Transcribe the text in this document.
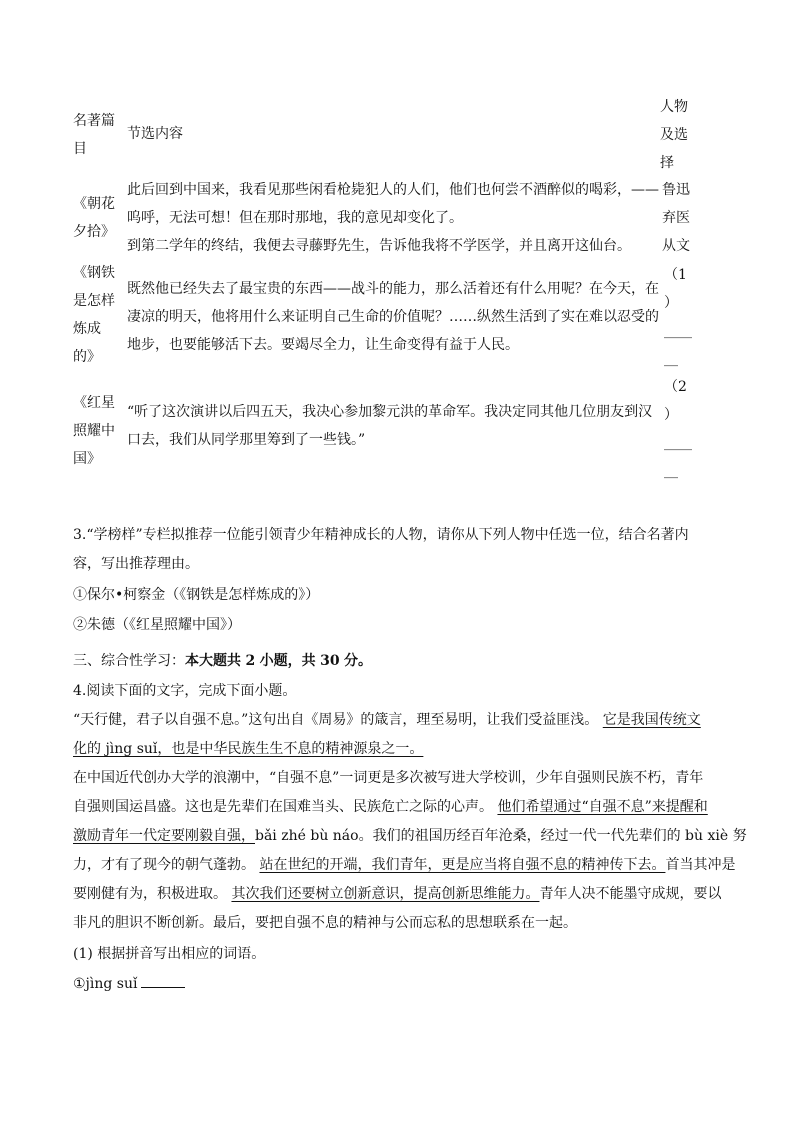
名著篇
目
节选内容
人物
及选
择
《朝花
夕拾》
此后回到中国来，我看见那些闲看枪毙犯人的人们，他们也何尝不酒醉似的喝彩，——
呜呼，无法可想！但在那时那地，我的意见却变化了。
到第二学年的终结，我便去寻藤野先生，告诉他我将不学医学，并且离开这仙台。
鲁迅
弃医
从文
《钢铁
是怎样
炼成
的》
既然他已经失去了最宝贵的东西——战斗的能力，那么活着还有什么用呢？在今天，在
凄凉的明天，他将用什么来证明自己生命的价值呢？……纵然生活到了实在难以忍受的
地步，也要能够活下去。要竭尽全力，让生命变得有益于人民。
（1
）
____
__
《红星
照耀中
国》
“听了这次演讲以后四五天，我决心参加黎元洪的革命军。我决定同其他几位朋友到汉
口去，我们从同学那里筹到了一些钱。”
（2
）
____
__
3.“学榜样”专栏拟推荐一位能引领青少年精神成长的人物，请你从下列人物中任选一位，结合名著内
容，写出推荐理由。
①保尔•柯察金（《钢铁是怎样炼成的》）
②朱德（《红星照耀中国》）
三、综合性学习：本大题共 2 小题，共 30 分。
4.阅读下面的文字，完成下面小题。
“天行健，君子以自强不息。”这句出自《周易》的箴言，理至易明，让我们受益匪浅。 它是我国传统文
化的 jìng suǐ，也是中华民族生生不息的精神源泉之一。
在中国近代创办大学的浪潮中，“自强不息”一词更是多次被写进大学校训，少年自强则民族不朽，青年
自强则国运昌盛。这也是先辈们在国难当头、民族危亡之际的心声。 他们希望通过“自强不息”来提醒和
激励青年一代定要刚毅自强，bǎi zhé bù náo。我们的祖国历经百年沧桑，经过一代一代先辈们的 bù xiè 努
力，才有了现今的朝气蓬勃。 站在世纪的开端，我们青年，更是应当将自强不息的精神传下去。首当其冲是
要刚健有为，积极进取。 其次我们还要树立创新意识，提高创新思维能力。青年人决不能墨守成规，要以
非凡的胆识不断创新。最后，要把自强不息的精神与公而忘私的思想联系在一起。
(1) 根据拼音写出相应的词语。
①jìng suǐ
